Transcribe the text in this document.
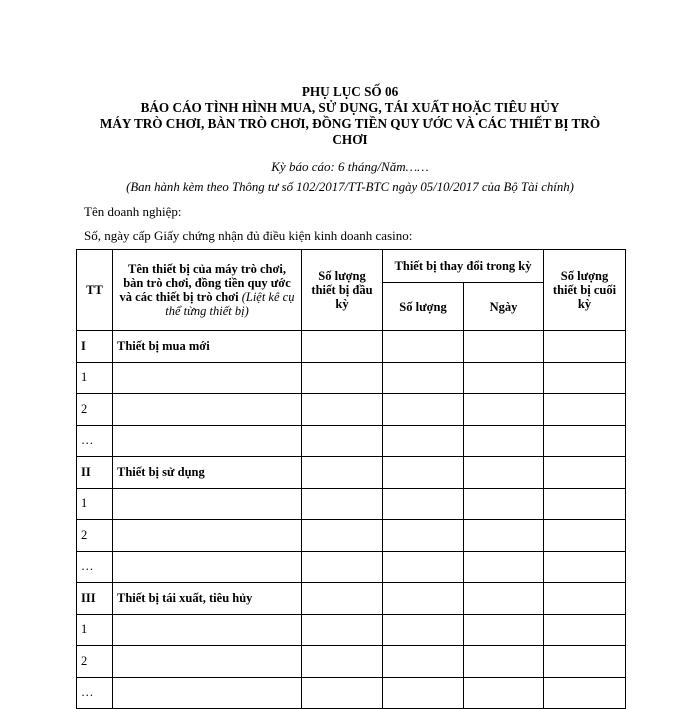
PHỤ LỤC SỐ 06
BÁO CÁO TÌNH HÌNH MUA, SỬ DỤNG, TÁI XUẤT HOẶC TIÊU HỦY
MÁY TRÒ CHƠI, BÀN TRÒ CHƠI, ĐỒNG TIỀN QUY ƯỚC VÀ CÁC THIẾT BỊ TRÒ
CHƠI
Kỳ báo cáo: 6 tháng/Năm……
(Ban hành kèm theo Thông tư số 102/2017/TT-BTC ngày 05/10/2017 của Bộ Tài chính)
Tên doanh nghiệp:
Số, ngày cấp Giấy chứng nhận đủ điều kiện kinh doanh casino:
TT	Tên thiết bị của máy trò chơi, bàn trò chơi, đồng tiền quy ước và các thiết bị trò chơi (Liệt kê cụ thể từng thiết bị)	Số lượng thiết bị đầu kỳ	Thiết bị thay đổi trong kỳ		Số lượng thiết bị cuối kỳ
			Số lượng	Ngày	
I	Thiết bị mua mới				
1					
2					
…					
II	Thiết bị sử dụng				
1					
2					
…					
III	Thiết bị tái xuất, tiêu hủy				
1					
2					
…					
